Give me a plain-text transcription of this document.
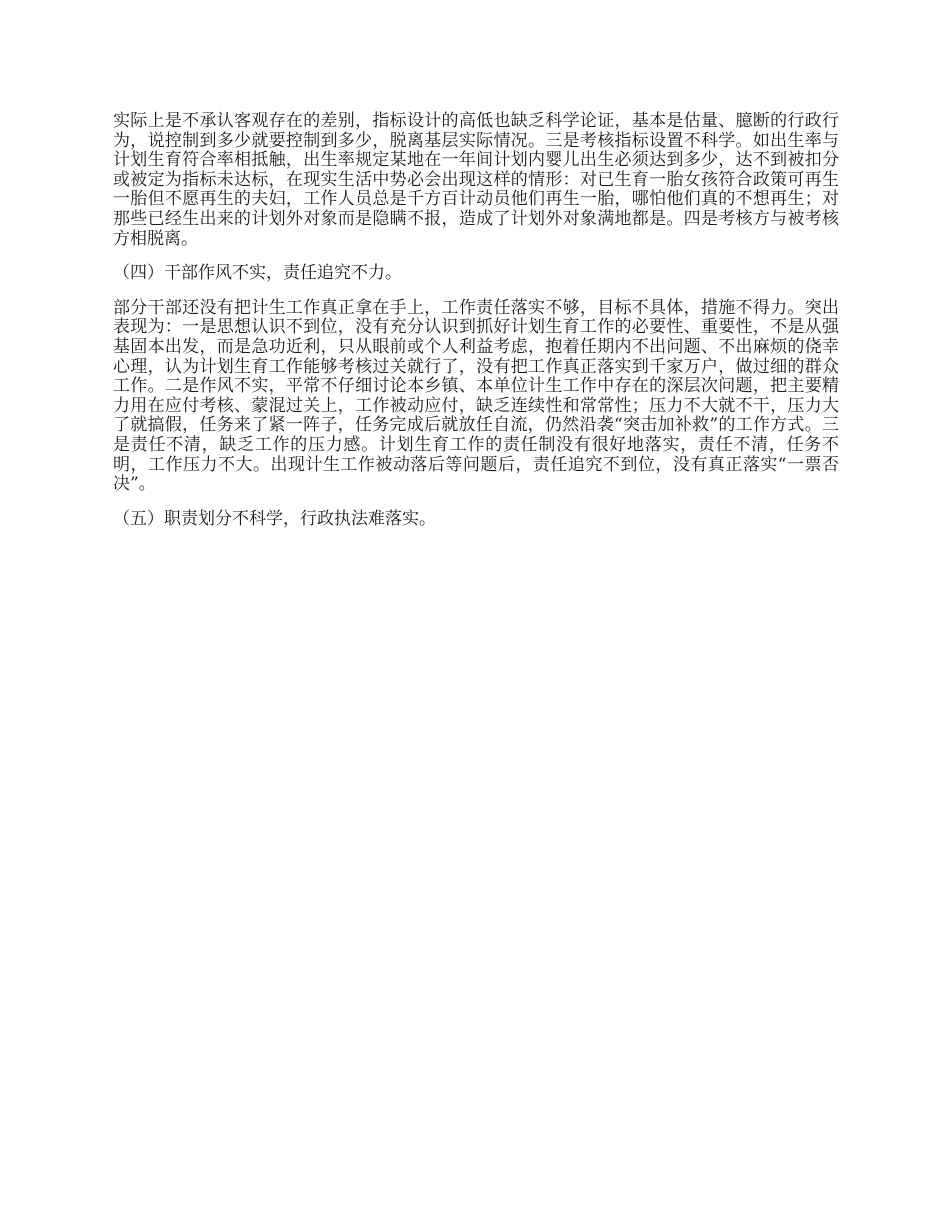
实际上是不承认客观存在的差别，指标设计的高低也缺乏科学论证，基本是估量、臆断的行政行为，说控制到多少就要控制到多少，脱离基层实际情况。三是考核指标设置不科学。如出生率与计划生育符合率相抵触，出生率规定某地在一年间计划内婴儿出生必须达到多少，达不到被扣分或被定为指标未达标，在现实生活中势必会出现这样的情形：对已生育一胎女孩符合政策可再生一胎但不愿再生的夫妇，工作人员总是千方百计动员他们再生一胎，哪怕他们真的不想再生；对那些已经生出来的计划外对象而是隐瞒不报，造成了计划外对象满地都是。四是考核方与被考核方相脱离。

（四）干部作风不实，责任追究不力。

部分干部还没有把计生工作真正拿在手上，工作责任落实不够，目标不具体，措施不得力。突出表现为：一是思想认识不到位，没有充分认识到抓好计划生育工作的必要性、重要性，不是从强基固本出发，而是急功近利，只从眼前或个人利益考虑，抱着任期内不出问题、不出麻烦的侥幸心理，认为计划生育工作能够考核过关就行了，没有把工作真正落实到千家万户，做过细的群众工作。二是作风不实，平常不仔细讨论本乡镇、本单位计生工作中存在的深层次问题，把主要精力用在应付考核、蒙混过关上，工作被动应付，缺乏连续性和常常性；压力不大就不干，压力大了就搞假，任务来了紧一阵子，任务完成后就放任自流，仍然沿袭“突击加补救”的工作方式。三是责任不清，缺乏工作的压力感。计划生育工作的责任制没有很好地落实，责任不清，任务不明，工作压力不大。出现计生工作被动落后等问题后，责任追究不到位，没有真正落实“一票否决”。

（五）职责划分不科学，行政执法难落实。
